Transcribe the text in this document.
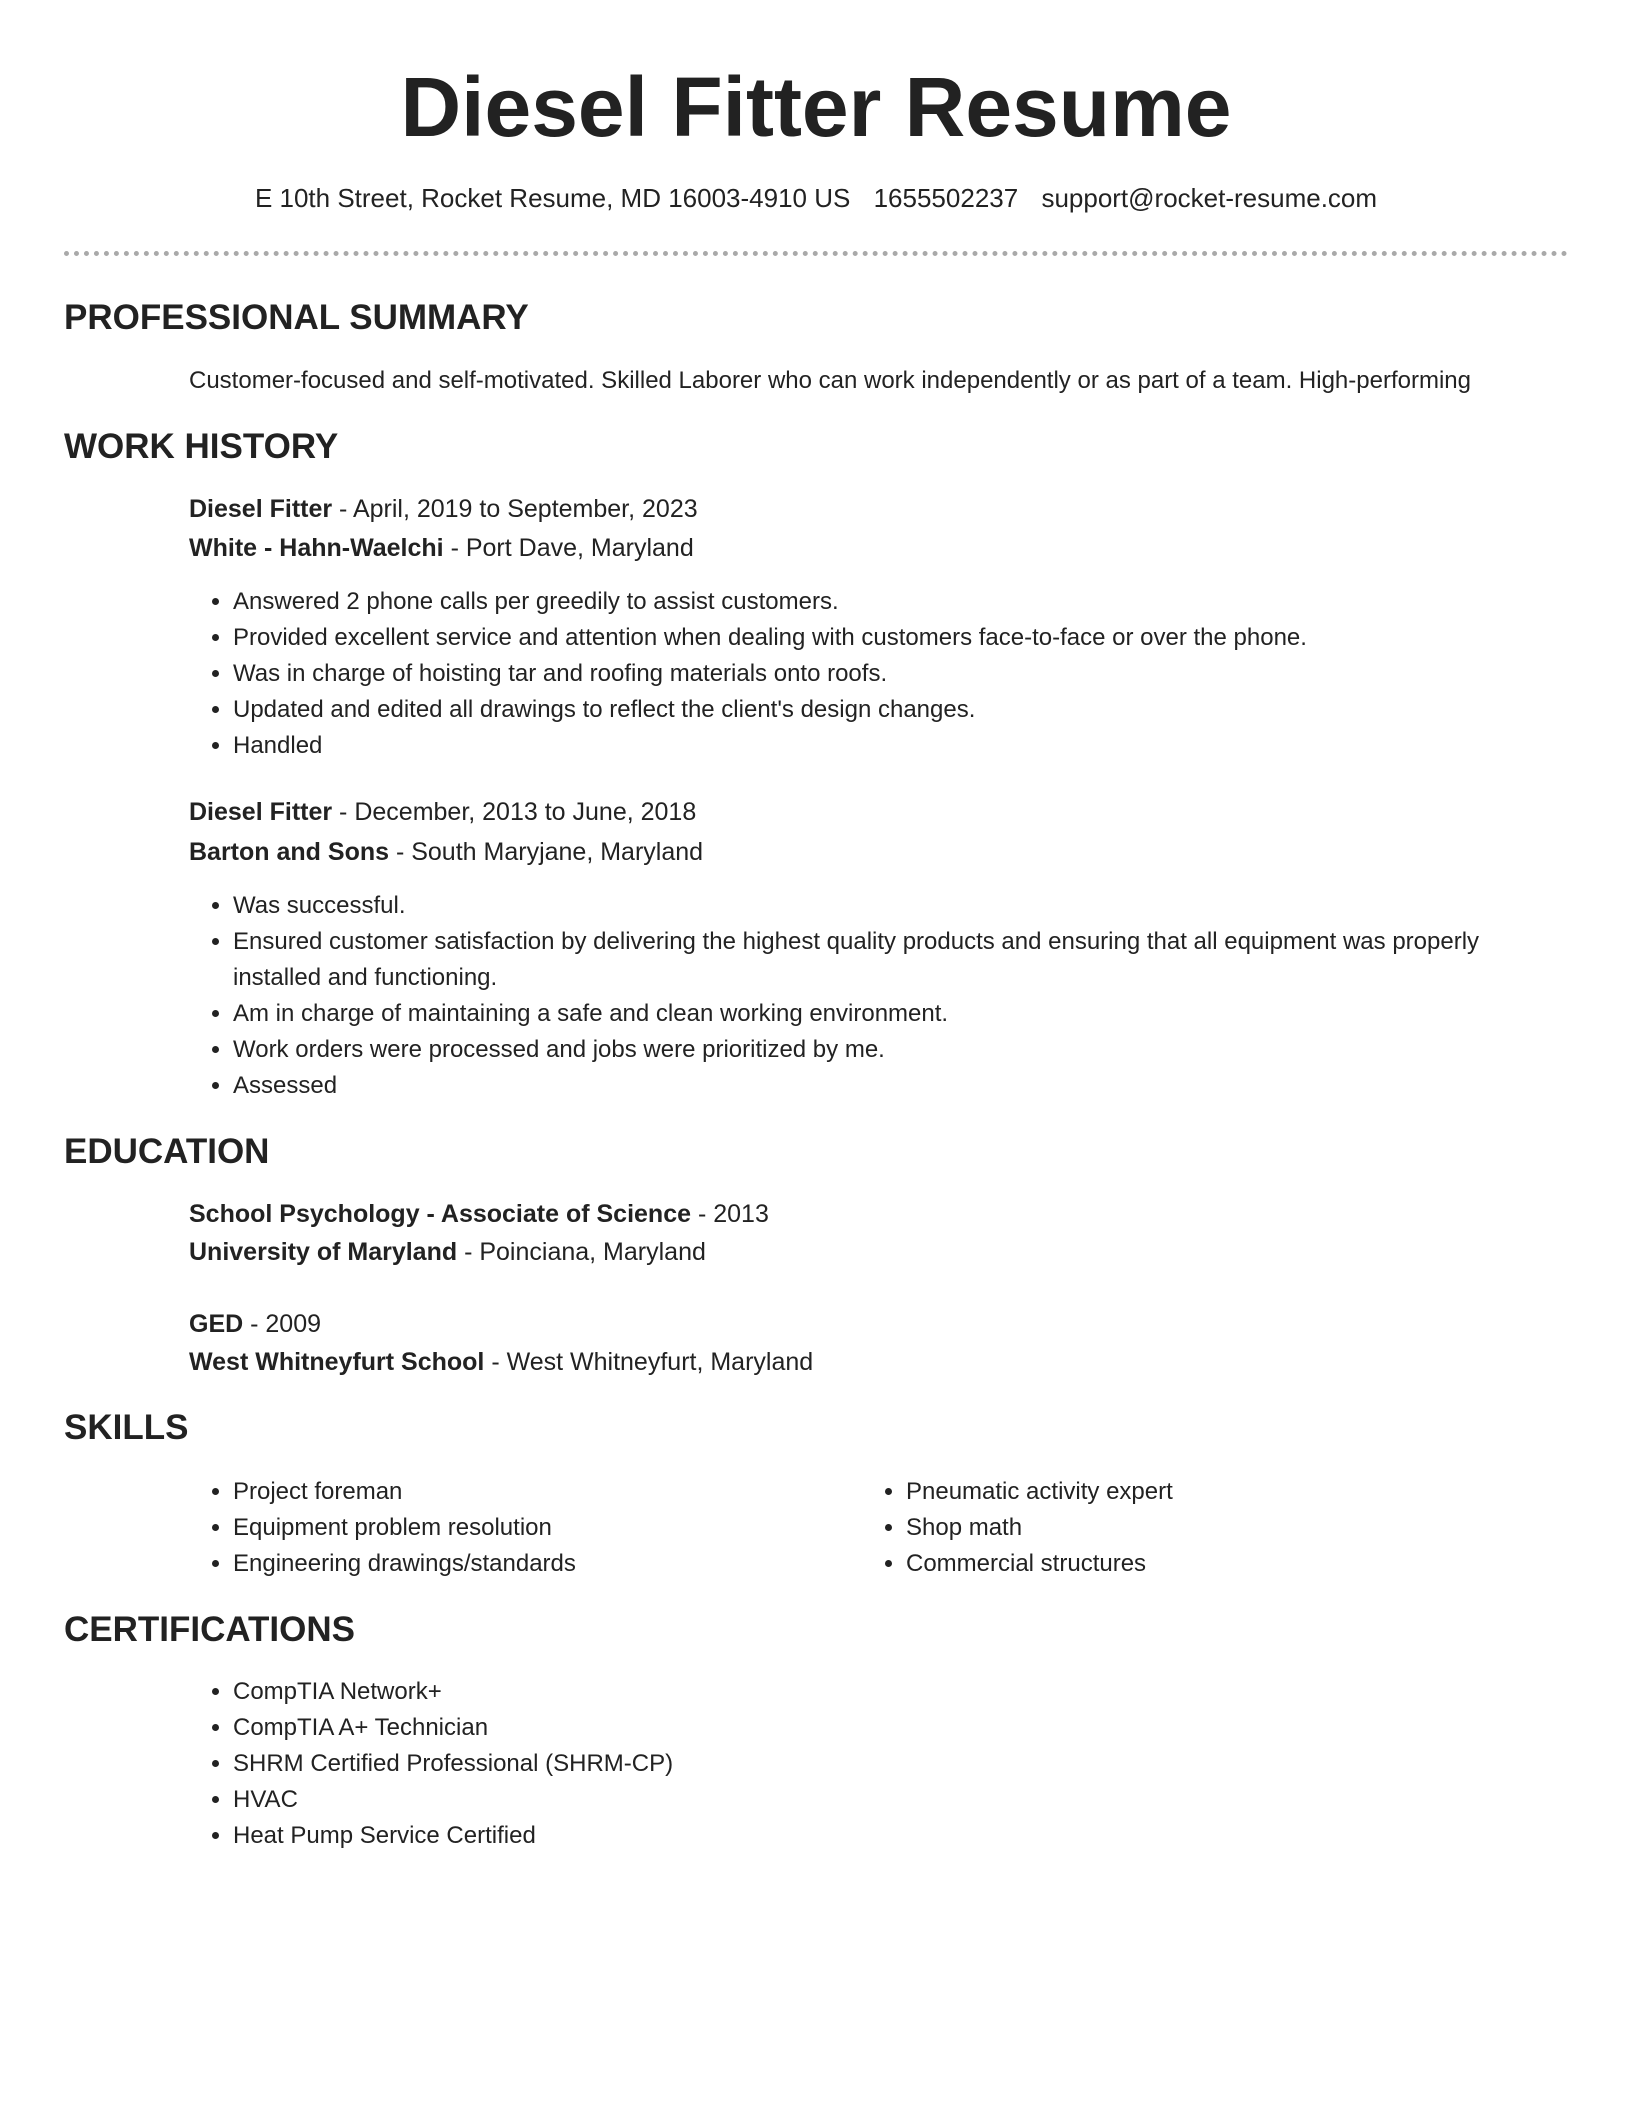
Diesel Fitter Resume
E 10th Street, Rocket Resume, MD 16003-4910 US 1655502237 support@rocket-resume.com
PROFESSIONAL SUMMARY
Customer-focused and self-motivated. Skilled Laborer who can work independently or as part of a team. High-performing
WORK HISTORY
Diesel Fitter - April, 2019 to September, 2023
White - Hahn-Waelchi - Port Dave, Maryland
• Answered 2 phone calls per greedily to assist customers.
• Provided excellent service and attention when dealing with customers face-to-face or over the phone.
• Was in charge of hoisting tar and roofing materials onto roofs.
• Updated and edited all drawings to reflect the client's design changes.
• Handled
Diesel Fitter - December, 2013 to June, 2018
Barton and Sons - South Maryjane, Maryland
• Was successful.
• Ensured customer satisfaction by delivering the highest quality products and ensuring that all equipment was properly installed and functioning.
• Am in charge of maintaining a safe and clean working environment.
• Work orders were processed and jobs were prioritized by me.
• Assessed
EDUCATION
School Psychology - Associate of Science - 2013
University of Maryland - Poinciana, Maryland
GED - 2009
West Whitneyfurt School - West Whitneyfurt, Maryland
SKILLS
• Project foreman
• Equipment problem resolution
• Engineering drawings/standards
• Pneumatic activity expert
• Shop math
• Commercial structures
CERTIFICATIONS
• CompTIA Network+
• CompTIA A+ Technician
• SHRM Certified Professional (SHRM-CP)
• HVAC
• Heat Pump Service Certified
